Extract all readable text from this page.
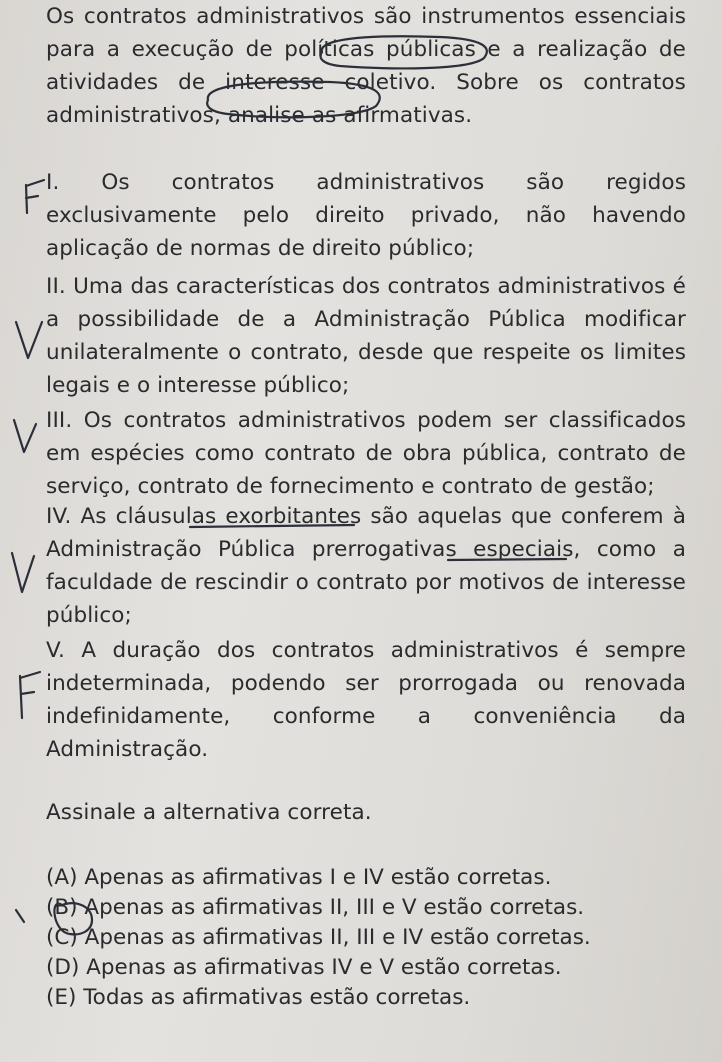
Os contratos administrativos são instrumentos essenciais para a execução de políticas públicas e a realização de atividades de interesse coletivo. Sobre os contratos administrativos, analise as afirmativas.
I. Os contratos administrativos são regidos exclusivamente pelo direito privado, não havendo aplicação de normas de direito público;
II. Uma das características dos contratos administrativos é a possibilidade de a Administração Pública modificar unilateralmente o contrato, desde que respeite os limites legais e o interesse público;
III. Os contratos administrativos podem ser classificados em espécies como contrato de obra pública, contrato de serviço, contrato de fornecimento e contrato de gestão;
IV. As cláusulas exorbitantes são aquelas que conferem à Administração Pública prerrogativas especiais, como a faculdade de rescindir o contrato por motivos de interesse público;
V. A duração dos contratos administrativos é sempre indeterminada, podendo ser prorrogada ou renovada indefinidamente, conforme a conveniência da Administração.
Assinale a alternativa correta.
(A) Apenas as afirmativas I e IV estão corretas.
(B) Apenas as afirmativas II, III e V estão corretas.
(C) Apenas as afirmativas II, III e IV estão corretas.
(D) Apenas as afirmativas IV e V estão corretas.
(E) Todas as afirmativas estão corretas.
